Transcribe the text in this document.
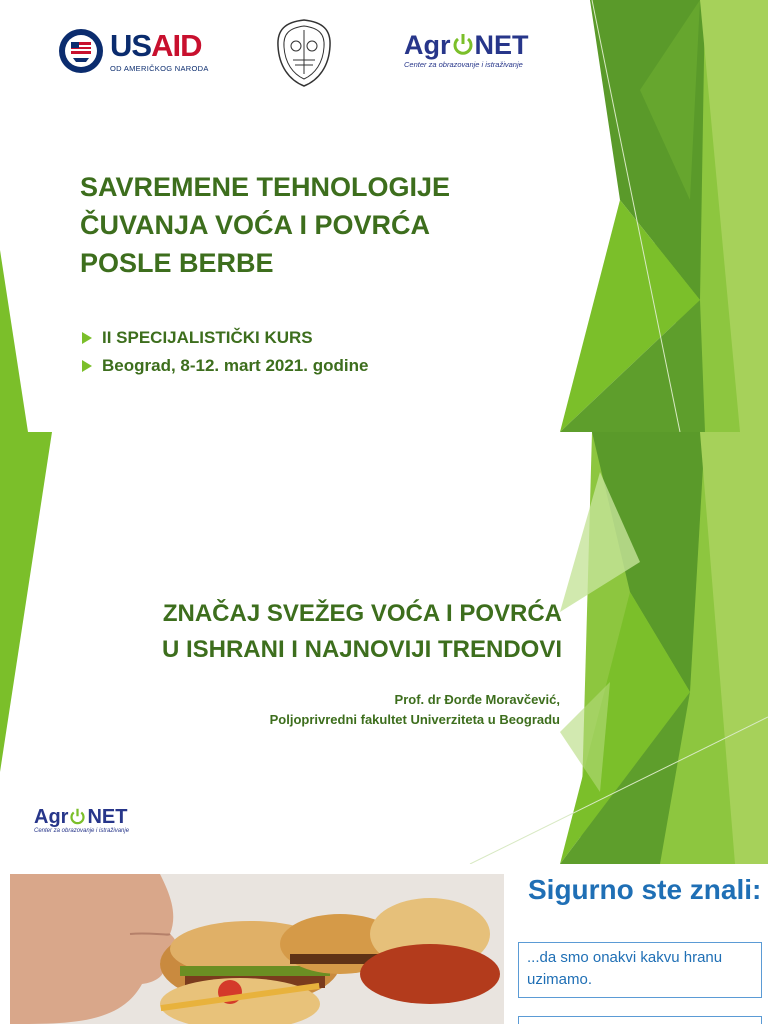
USAID
OD AMERIČKOG NARODA
Agr NET
Center za obrazovanje i istraživanje
SAVREMENE TEHNOLOGIJE
ČUVANJA VOĆA I POVRĆA
POSLE BERBE
II SPECIJALISTIČKI KURS
Beograd, 8-12. mart 2021. godine
ZNAČAJ SVEŽEG VOĆA I POVRĆA
U ISHRANI I NAJNOVIJI TRENDOVI
Prof. dr Đorđe Moravčević,
Poljoprivredni fakultet Univerziteta u Beogradu
Agr NET
Center za obrazovanje i istraživanje
Sigurno ste znali:
...da smo onakvi kakvu hranu uzimamo.
